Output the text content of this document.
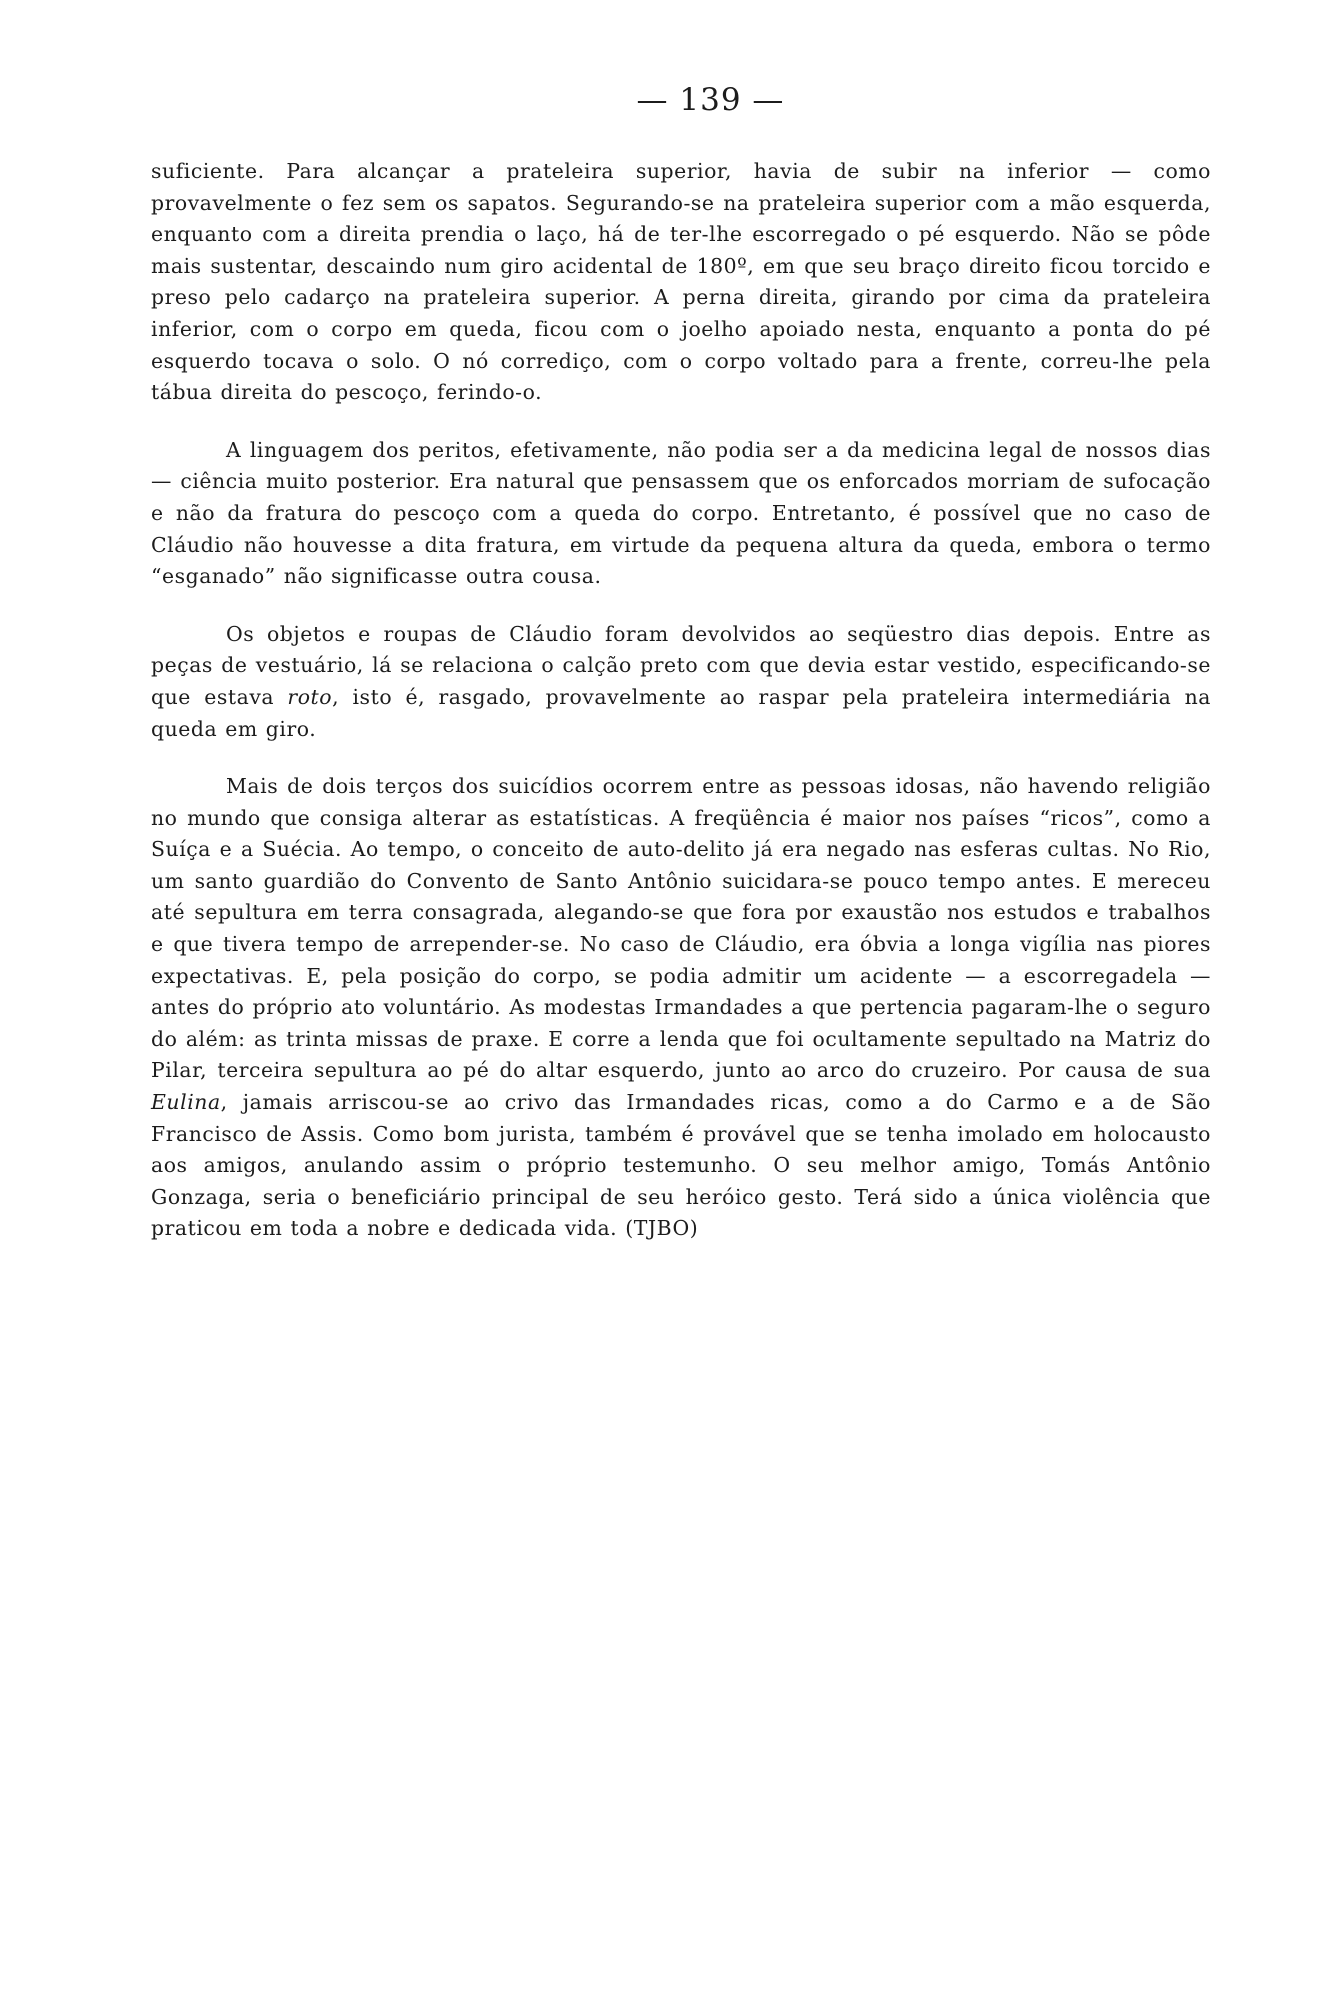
— 139 —

suficiente. Para alcançar a prateleira superior, havia de subir na inferior — como provavelmente o fez sem os sapatos. Segurando-se na prateleira superior com a mão esquerda, enquanto com a direita prendia o laço, há de ter-lhe escorregado o pé esquerdo. Não se pôde mais sustentar, descaindo num giro acidental de 180º, em que seu braço direito ficou torcido e preso pelo cadarço na prateleira superior. A perna direita, girando por cima da prateleira inferior, com o corpo em queda, ficou com o joelho apoiado nesta, enquanto a ponta do pé esquerdo tocava o solo. O nó corrediço, com o corpo voltado para a frente, correu-lhe pela tábua direita do pescoço, ferindo-o.

A linguagem dos peritos, efetivamente, não podia ser a da medicina legal de nossos dias — ciência muito posterior. Era natural que pensassem que os enforcados morriam de sufocação e não da fratura do pescoço com a queda do corpo. Entretanto, é possível que no caso de Cláudio não houvesse a dita fratura, em virtude da pequena altura da queda, embora o termo “esganado” não significasse outra cousa.

Os objetos e roupas de Cláudio foram devolvidos ao seqüestro dias depois. Entre as peças de vestuário, lá se relaciona o calção preto com que devia estar vestido, especificando-se que estava roto, isto é, rasgado, provavelmente ao raspar pela prateleira intermediária na queda em giro.

Mais de dois terços dos suicídios ocorrem entre as pessoas idosas, não havendo religião no mundo que consiga alterar as estatísticas. A freqüência é maior nos países “ricos”, como a Suíça e a Suécia. Ao tempo, o conceito de auto-delito já era negado nas esferas cultas. No Rio, um santo guardião do Convento de Santo Antônio suicidara-se pouco tempo antes. E mereceu até sepultura em terra consagrada, alegando-se que fora por exaustão nos estudos e trabalhos e que tivera tempo de arrepender-se. No caso de Cláudio, era óbvia a longa vigília nas piores expectativas. E, pela posição do corpo, se podia admitir um acidente — a escorregadela — antes do próprio ato voluntário. As modestas Irmandades a que pertencia pagaram-lhe o seguro do além: as trinta missas de praxe. E corre a lenda que foi ocultamente sepultado na Matriz do Pilar, terceira sepultura ao pé do altar esquerdo, junto ao arco do cruzeiro. Por causa de sua Eulina, jamais arriscou-se ao crivo das Irmandades ricas, como a do Carmo e a de São Francisco de Assis. Como bom jurista, também é provável que se tenha imolado em holocausto aos amigos, anulando assim o próprio testemunho. O seu melhor amigo, Tomás Antônio Gonzaga, seria o beneficiário principal de seu heróico gesto. Terá sido a única violência que praticou em toda a nobre e dedicada vida. (TJBO)
